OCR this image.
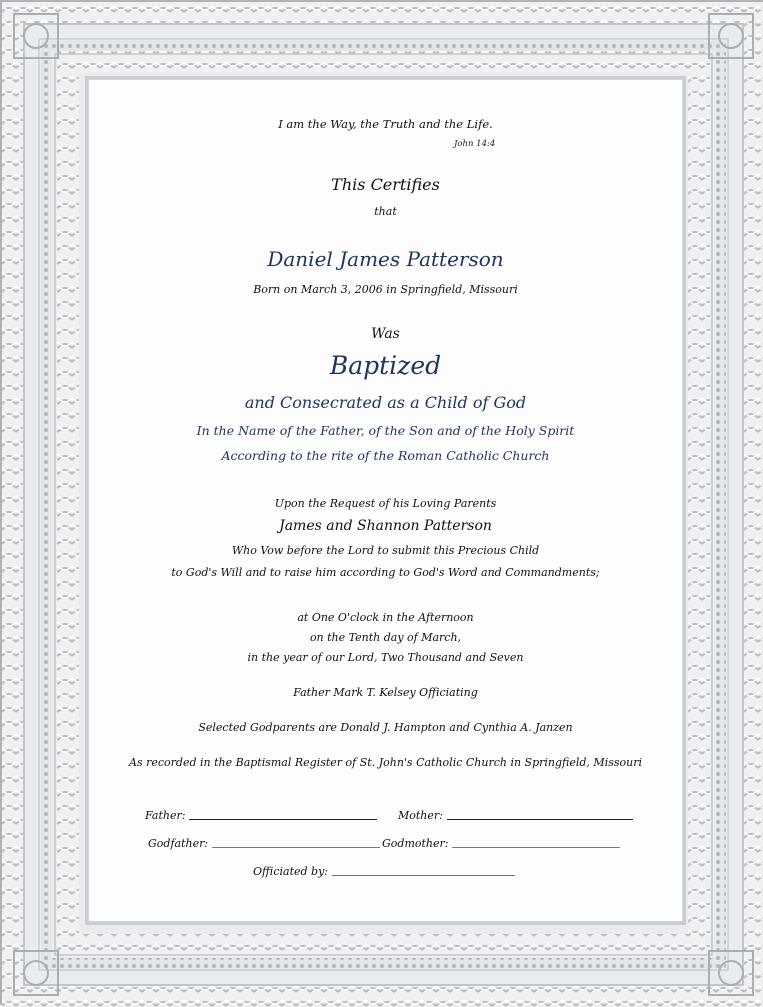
I am the Way, the Truth and the Life.
John 14:4
This Certifies
that
Daniel James Patterson
Born on March 3, 2006 in Springfield, Missouri
Was
Baptized
and Consecrated as a Child of God
In the Name of the Father, of the Son and of the Holy Spirit
According to the rite of the Roman Catholic Church
Upon the Request of his Loving Parents
James and Shannon Patterson
Who Vow before the Lord to submit this Precious Child
to God's Will and to raise him according to God's Word and Commandments;
at One O'clock in the Afternoon
on the Tenth day of March,
in the year of our Lord, Two Thousand and Seven
Father Mark T. Kelsey Officiating
Selected Godparents are Donald J. Hampton and Cynthia A. Janzen
As recorded in the Baptismal Register of St. John's Catholic Church in Springfield, Missouri
Father:	Mother:
Godfather:	Godmother:
Officiated by:
